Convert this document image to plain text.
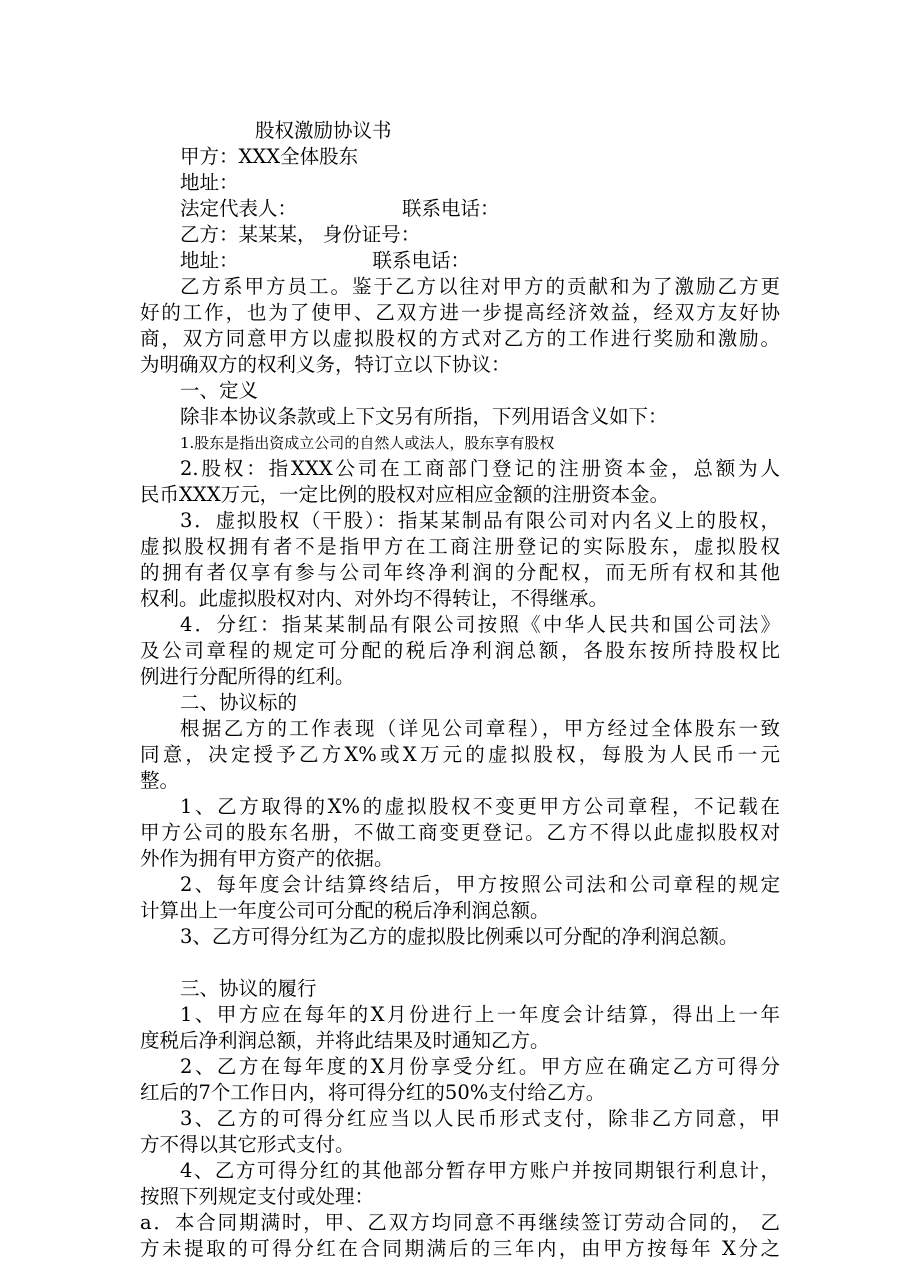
股权激励协议书
甲方：XXX全体股东
地址：
法定代表人：	联系电话：
乙方：某某某， 身份证号：
地址：	联系电话：
乙方系甲方员工。鉴于乙方以往对甲方的贡献和为了激励乙方更
好的工作，也为了使甲、乙双方进一步提高经济效益，经双方友好协
商，双方同意甲方以虚拟股权的方式对乙方的工作进行奖励和激励。
为明确双方的权利义务，特订立以下协议：
一、定义
除非本协议条款或上下文另有所指，下列用语含义如下：
1.股东是指出资成立公司的自然人或法人，股东享有股权
2.股权：指XXX公司在工商部门登记的注册资本金，总额为人
民币XXX万元，一定比例的股权对应相应金额的注册资本金。
3．虚拟股权（干股）：指某某制品有限公司对内名义上的股权，
虚拟股权拥有者不是指甲方在工商注册登记的实际股东，虚拟股权
的拥有者仅享有参与公司年终净利润的分配权，而无所有权和其他
权利。此虚拟股权对内、对外均不得转让，不得继承。
4．分红：指某某制品有限公司按照《中华人民共和国公司法》
及公司章程的规定可分配的税后净利润总额，各股东按所持股权比
例进行分配所得的红利。
二、协议标的
根据乙方的工作表现（详见公司章程），甲方经过全体股东一致
同意，决定授予乙方X%或X万元的虚拟股权，每股为人民币一元
整。
1、乙方取得的X%的虚拟股权不变更甲方公司章程，不记载在
甲方公司的股东名册，不做工商变更登记。乙方不得以此虚拟股权对
外作为拥有甲方资产的依据。
2、每年度会计结算终结后，甲方按照公司法和公司章程的规定
计算出上一年度公司可分配的税后净利润总额。
3、乙方可得分红为乙方的虚拟股比例乘以可分配的净利润总额。
三、协议的履行
1、甲方应在每年的X月份进行上一年度会计结算，得出上一年
度税后净利润总额，并将此结果及时通知乙方。
2、乙方在每年度的X月份享受分红。甲方应在确定乙方可得分
红后的7个工作日内，将可得分红的50%支付给乙方。
3、乙方的可得分红应当以人民币形式支付，除非乙方同意，甲
方不得以其它形式支付。
4、乙方可得分红的其他部分暂存甲方账户并按同期银行利息计，
按照下列规定支付或处理：
a．本合同期满时，甲、乙双方均同意不再继续签订劳动合同的， 乙
方未提取的可得分红在合同期满后的三年内，由甲方按每年 X分之
